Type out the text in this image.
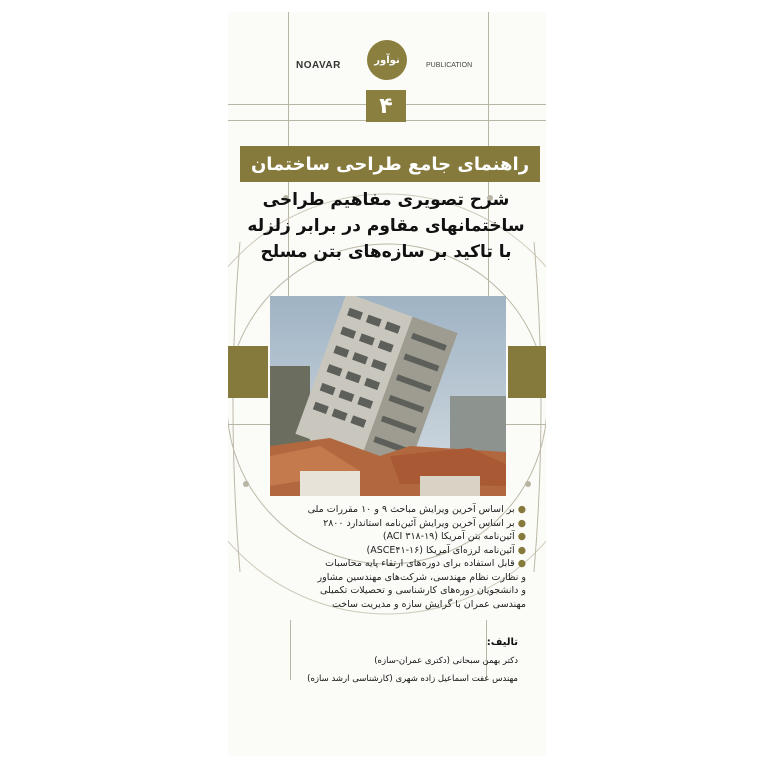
NOAVAR	PUBLICATION
نوآور
۴
راهنمای جامع طراحی ساختمان
شرح تصویری مفاهیم طراحی
ساختمانهای مقاوم در برابر زلزله
با تاکید بر سازه‌های بتن مسلح
● بر اساس آخرین ویرایش مباحث ۹ و ۱۰ مقررات ملی
● بر اساس آخرین ویرایش آئین‌نامه استاندارد ۲۸۰۰
● آئین‌نامه بتن آمریکا (ACI ۳۱۸-۱۹)
● آئین‌نامه لرزه‌ای آمریکا (ASCE۴۱-۱۶)
● قابل استفاده برای دوره‌های ارتقاء پایه محاسبات
و نظارت نظام مهندسی، شرکت‌های مهندسین مشاور
و دانشجویان دوره‌های کارشناسی و تحصیلات تکمیلی
مهندسی عمران با گرایش سازه و مدیریت ساخت
تالیف:
دکتر بهمن سبحانی (دکتری عمران-سازه)
مهندس عفت اسماعیل زاده شهری (کارشناسی ارشد سازه)
